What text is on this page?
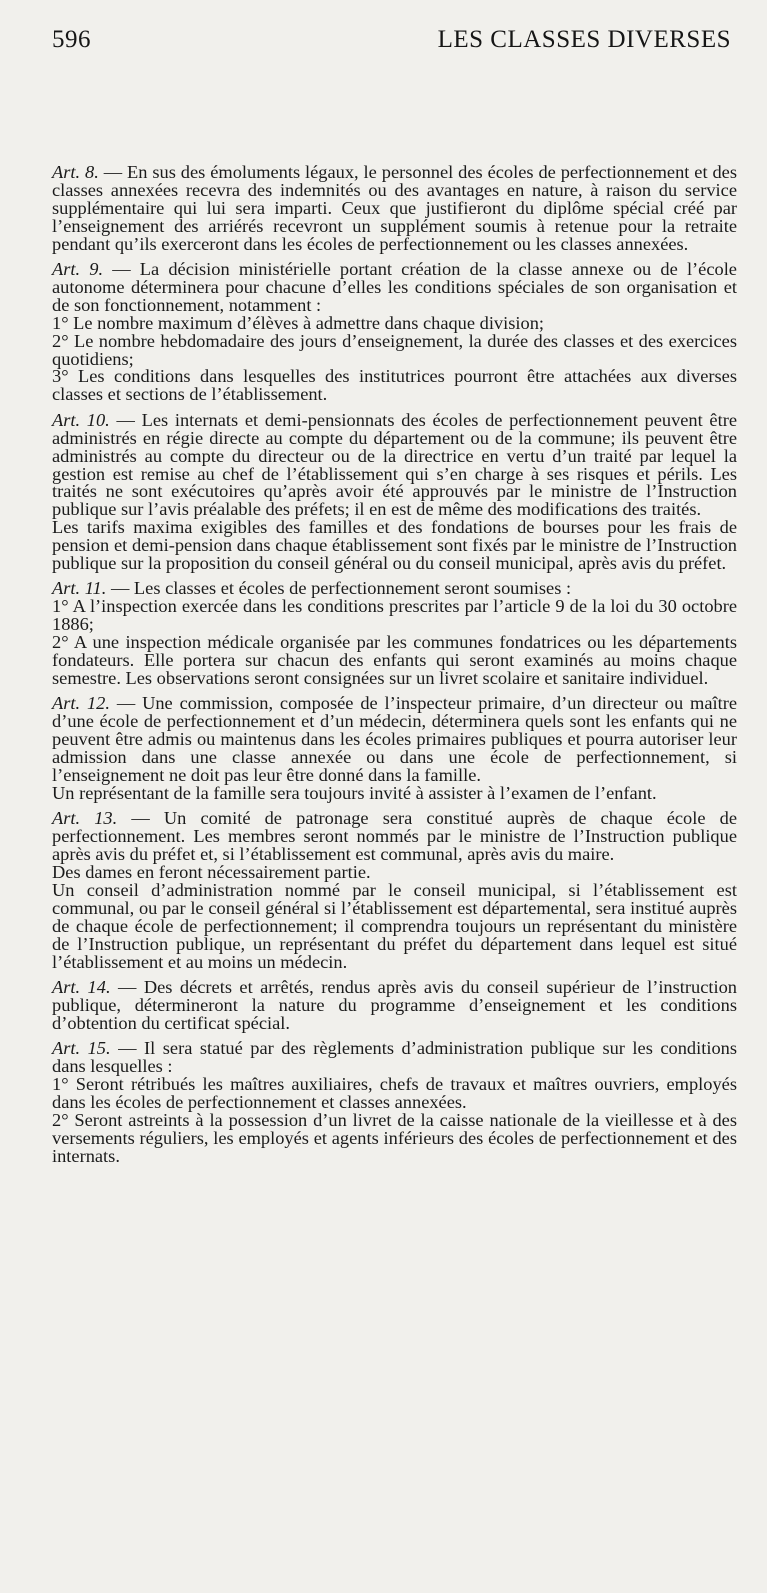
596	LES CLASSES DIVERSES

Art. 8. — En sus des émoluments légaux, le personnel des écoles de perfectionnement et des classes annexées recevra des indemnités ou des avantages en nature, à raison du service supplémentaire qui lui sera imparti. Ceux que justifieront du diplôme spécial créé par l’enseignement des arriérés recevront un supplément soumis à retenue pour la retraite pendant qu’ils exerceront dans les écoles de perfectionnement ou les classes annexées.

Art. 9. — La décision ministérielle portant création de la classe annexe ou de l’école autonome déterminera pour chacune d’elles les conditions spéciales de son organisation et de son fonctionnement, notamment :

1° Le nombre maximum d’élèves à admettre dans chaque division;

2° Le nombre hebdomadaire des jours d’enseignement, la durée des classes et des exercices quotidiens;

3° Les conditions dans lesquelles des institutrices pourront être attachées aux diverses classes et sections de l’établissement.

Art. 10. — Les internats et demi-pensionnats des écoles de perfectionnement peuvent être administrés en régie directe au compte du département ou de la commune; ils peuvent être administrés au compte du directeur ou de la directrice en vertu d’un traité par lequel la gestion est remise au chef de l’établissement qui s’en charge à ses risques et périls. Les traités ne sont exécutoires qu’après avoir été approuvés par le ministre de l’Instruction publique sur l’avis préalable des préfets; il en est de même des modifications des traités.

Les tarifs maxima exigibles des familles et des fondations de bourses pour les frais de pension et demi-pension dans chaque établissement sont fixés par le ministre de l’Instruction publique sur la proposition du conseil général ou du conseil municipal, après avis du préfet.

Art. 11. — Les classes et écoles de perfectionnement seront soumises :

1° A l’inspection exercée dans les conditions prescrites par l’article 9 de la loi du 30 octobre 1886;

2° A une inspection médicale organisée par les communes fondatrices ou les départements fondateurs. Elle portera sur chacun des enfants qui seront examinés au moins chaque semestre. Les observations seront consignées sur un livret scolaire et sanitaire individuel.

Art. 12. — Une commission, composée de l’inspecteur primaire, d’un directeur ou maître d’une école de perfectionnement et d’un médecin, déterminera quels sont les enfants qui ne peuvent être admis ou maintenus dans les écoles primaires publiques et pourra autoriser leur admission dans une classe annexée ou dans une école de perfectionnement, si l’enseignement ne doit pas leur être donné dans la famille.

Un représentant de la famille sera toujours invité à assister à l’examen de l’enfant.

Art. 13. — Un comité de patronage sera constitué auprès de chaque école de perfectionnement. Les membres seront nommés par le ministre de l’Instruction publique après avis du préfet et, si l’établissement est communal, après avis du maire.

Des dames en feront nécessairement partie.

Un conseil d’administration nommé par le conseil municipal, si l’établissement est communal, ou par le conseil général si l’établissement est départemental, sera institué auprès de chaque école de perfectionnement; il comprendra toujours un représentant du ministère de l’Instruction publique, un représentant du préfet du département dans lequel est situé l’établissement et au moins un médecin.

Art. 14. — Des décrets et arrêtés, rendus après avis du conseil supérieur de l’instruction publique, détermineront la nature du programme d’enseignement et les conditions d’obtention du certificat spécial.

Art. 15. — Il sera statué par des règlements d’administration publique sur les conditions dans lesquelles :

1° Seront rétribués les maîtres auxiliaires, chefs de travaux et maîtres ouvriers, employés dans les écoles de perfectionnement et classes annexées.

2° Seront astreints à la possession d’un livret de la caisse nationale de la vieillesse et à des versements réguliers, les employés et agents inférieurs des écoles de perfectionnement et des internats.
